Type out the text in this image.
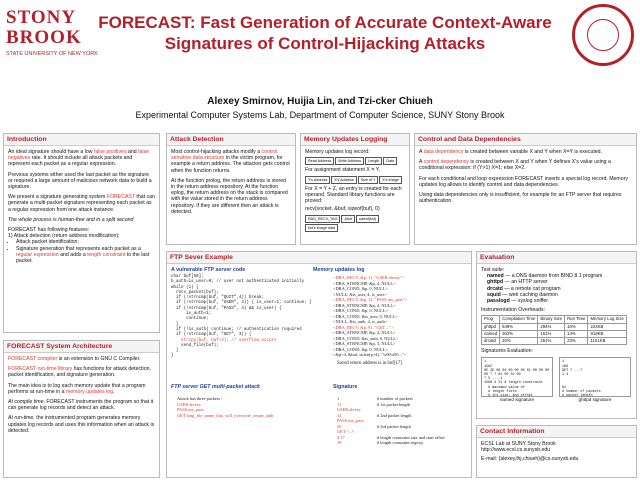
STONY
BROOK
STATE UNIVERSITY OF NEW YORK
FORECAST: Fast Generation of Accurate Context-Aware Signatures of Control-Hijacking Attacks
Alexey Smirnov, Huijia Lin, and Tzi-cker Chiueh
Experimental Computer Systems Lab, Department of Computer Science, SUNY Stony Brook
Introduction

An ideal signature should have a low false positives and false negatives rate. It should include all attack packets and represent each packet as a regular expression.

Previous systems either used the last packet as the signature or required a large amount of malicious network data to build a signature.

We present a signature generating system FORECAST that can generate a multi-packet signature representing each packet as a regular expression from one attack instance.

The whole process is human-free and in a split second

FORECAST has following features:
1) Attack detection (return address modification);
• Attack packet identification;
• Signature generation that represents each packet as a regular expression and adds a length constraint to the last packet.
FORECAST System Architecture

FORECAST compiler is an extension to GNU C Compiler.

FORECAST run-time library has functions for attack detection, packet identification, and signature generation.

The main idea is to log each memory update that a program performs at run-time in a memory updates log.

At compile time, FORECAST instruments the program so that it can generate log records and detect an attack.

At run-time, the instrumented program generates memory updates log records and uses this information when an attack is detected.

Attack Detection

Most control-hijacking attacks modify a control sensitive data structure in the victim program, for example a return address. The attacker gets control when the function returns.

At the function prolog, the return address is stored in the return address repository. At the function eplog, the return address on the stack is compared with the value stored in the return address repository. If they are different then an attack is detected.

Memory Updates Logging
Memory updates log record:
Read Address	Write Address	Length	Data
For assignment statement X = Y,
Y's Address	X's Address	Size of Y	X's Image
For X = Y + Z, an entry is created for each operand. Standard library functions are proved:
recv(socket, &buf, sizeof(buf), 0)
RAD_RECV_TAG	&buf	sizeof(buf)
buf's image data
Control and Data Dependencies

A data dependency is created between variable X and Y when X=Y is executed.

A control dependency is created between X and Y when Y defines X's value using a conditional expression: if (Y>1) X=1; else X=2.

For each conditional and loop expression FORECAST inserts a special log record. Memory updates log allows to identify control and data dependencies.

Using data dependencies only is insufficient, for example for an FTP server that requires authentication.

FTP Sever Example
A vulnerable FTP server code
char buf[50];
b_auth=is_user=0; // user not authenticated initially
while (1) {
recv_packet(buf);
if (!strncmp(buf, "QUIT",4)) break;
if (!strncmp(buf, "USER", 4)) { is_user=1; continue; }
if (!strncmp(buf, "PASS", 4) && is_user) {
is_auth=1;
continue;
}
if (!is_auth) continue; // authentication required
if (!strncmp(buf, "GET", 3)) {
strcpy(buf, buf+4); // overflow occurs
send_file(buf);
}
}
Memory updates log
<DRA_RECV, &p, 11, "USER alexey">
<DRA_STRNCMP, &p, 4, NULL>
<DRA_COND, &p, 0, NULL>
<NULL, &is_user, 4, is_user>
<DRA_RECV, &p, 12, "PASS my_pass">
<DRA_STRNCMP, &p, 4, NULL>
<DRA_COND, &p, 0, NULL>
<DRA_COND, &is_user, 0, NULL>
<NULL, &is_auth, 4, is_auth>
<DRA_RECV, &p, 91, "GET ...">
<DRA_STRNCMP, &p, 4, NULL>
<DRA_COND, &is_auth, 0, NULL>
<DRA_STRNCMP, &p, 3, NULL>
<DRA_COND, &p, 0, NULL>
<&p+4, &buf, strlen(p+4), "\x90\x90...">
Saved return address is in buf[17]
FTP server GET multi-packet attack
Attack has three packets -
USER alexey
PASS my_pass
GET long_file_name_that_will_overwrite_return_addr
Signature
3	# number of packets
11	# 1st packet length
USER alexey
12	# 2nd packet length
PASS my_pass
56	# 3rd packet length
GET ^...?
4 17	# length constraint size and start offset
18	# length constraint regexp
Evaluation
Test suite:
named — a DNS daemon from BIND 8.1 program
ghttpd — an HTTP server
drcatd — a remote cat program
squid — web caching daemon
passlogd — syslog sniffer.
Instrumentation Overheads:
Prog	Compilation Time	Binary Size	Run Time	Memory Log Size
ghttpd	549%	294%	10%	224KB
named	302%	151%	14%	819KB
drcatd	20%	261%	23%	1101KB
Signatures Evaluation:
1
1562
0E 2E 09 00 00 00 00 01 00 00 00
00 ? ? 01 00 01 00
? 5 ... 1
1568 4 21 # length constraint
# maximum value of
# length field
# its size, and offset
named signature
1
166
GET ? ...?
1 4

64
# number of packets
# packet length

ghttpd signature
Contact Information
ECSL Lab at SUNY Stony Brook
http://www.ecsl.cs.sunysb.edu
E-mail: {alexey,lhj,chiueh}@cs.sunysb.edu
